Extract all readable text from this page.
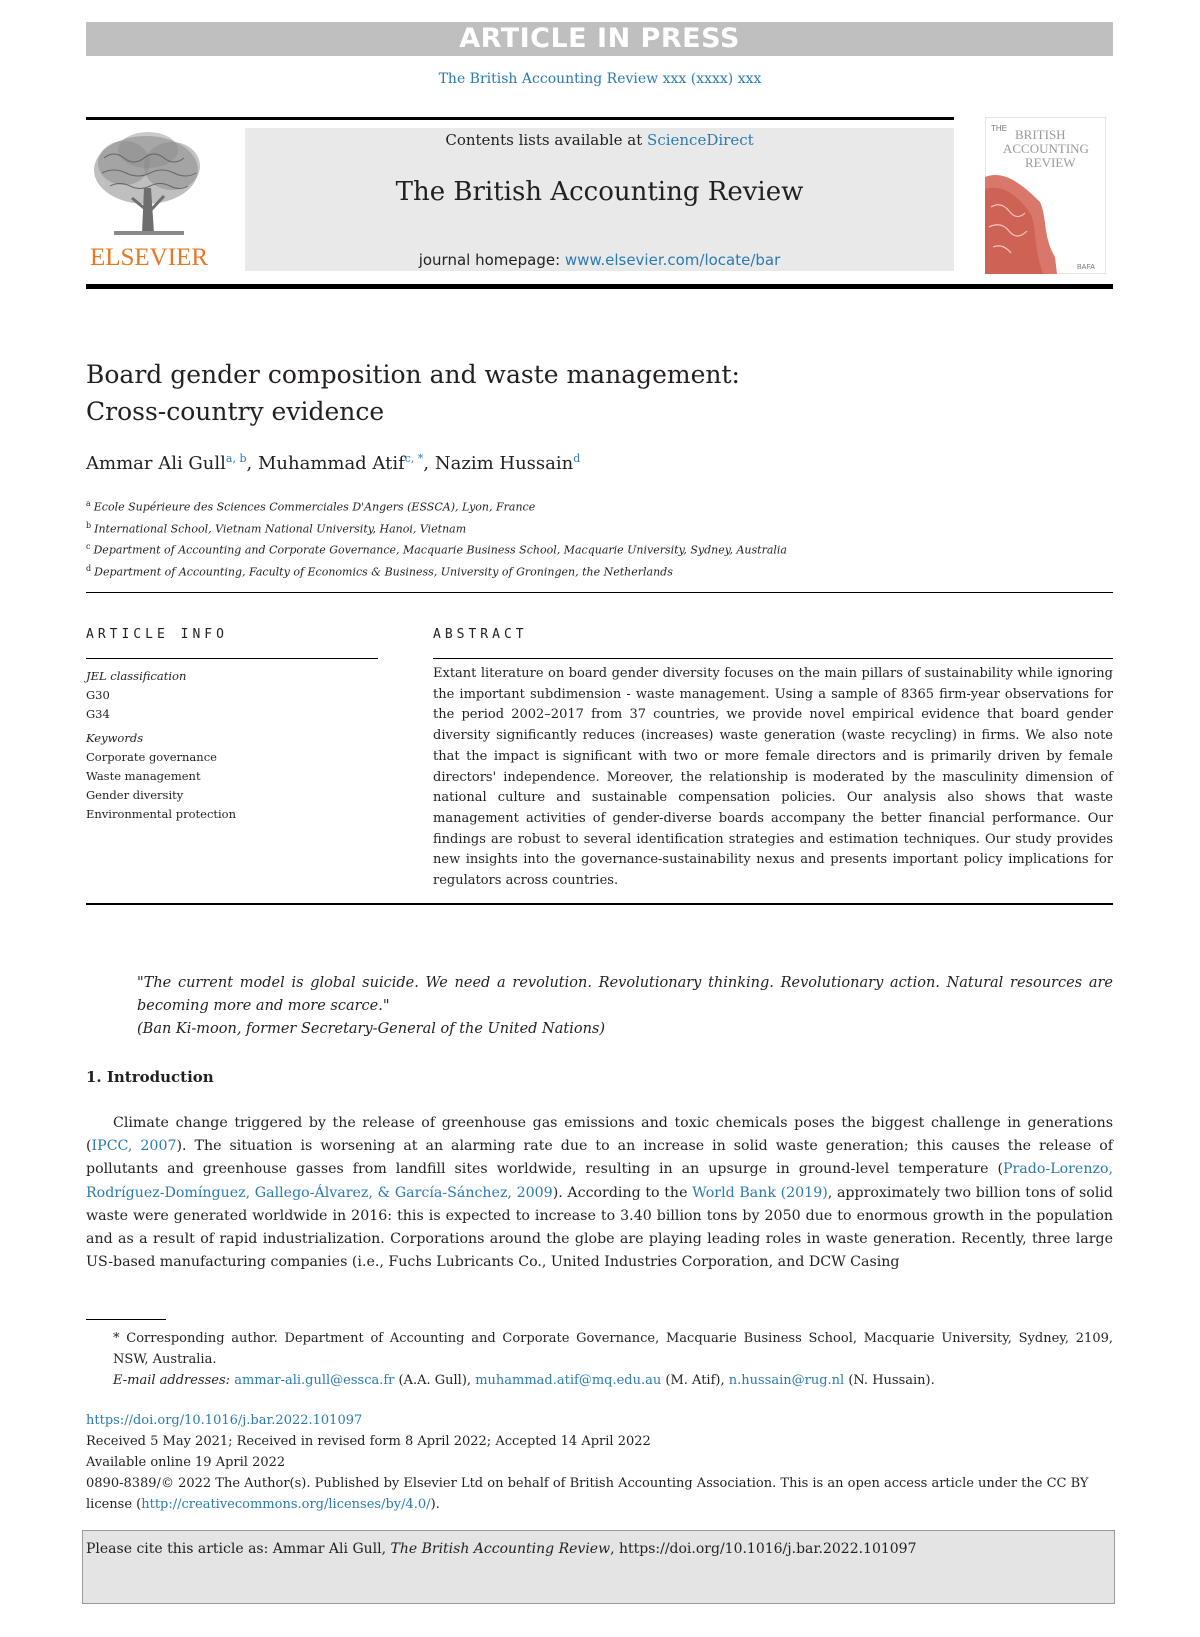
ARTICLE IN PRESS
The British Accounting Review xxx (xxxx) xxx
ELSEVIER
Contents lists available at ScienceDirect
The British Accounting Review
journal homepage: www.elsevier.com/locate/bar
THE BRITISH
ACCOUNTING
REVIEW
BAFA
Board gender composition and waste management:
Cross-country evidence
Ammar Ali Gull$^{a, b}$, Muhammad Atif$^{c, *}$, Nazim Hussain$^d$
$^a$ Ecole Supérieure des Sciences Commerciales D'Angers (ESSCA), Lyon, France
$^b$ International School, Vietnam National University, Hanoi, Vietnam
$^c$ Department of Accounting and Corporate Governance, Macquarie Business School, Macquarie University, Sydney, Australia
$^d$ Department of Accounting, Faculty of Economics & Business, University of Groningen, the Netherlands
ARTICLE INFO
JEL classification
G30
G34
Keywords
Corporate governance
Waste management
Gender diversity
Environmental protection
ABSTRACT
Extant literature on board gender diversity focuses on the main pillars of sustainability while ignoring the important subdimension - waste management. Using a sample of 8365 firm-year observations for the period 2002–2017 from 37 countries, we provide novel empirical evidence that board gender diversity significantly reduces (increases) waste generation (waste recycling) in firms. We also note that the impact is significant with two or more female directors and is primarily driven by female directors' independence. Moreover, the relationship is moderated by the masculinity dimension of national culture and sustainable compensation policies. Our analysis also shows that waste management activities of gender-diverse boards accompany the better financial performance. Our findings are robust to several identification strategies and estimation techniques. Our study provides new insights into the governance-sustainability nexus and presents important policy implications for regulators across countries.
"The current model is global suicide. We need a revolution. Revolutionary thinking. Revolutionary action. Natural resources are becoming more and more scarce."
(Ban Ki-moon, former Secretary-General of the United Nations)
1. Introduction

Climate change triggered by the release of greenhouse gas emissions and toxic chemicals poses the biggest challenge in generations (IPCC, 2007). The situation is worsening at an alarming rate due to an increase in solid waste generation; this causes the release of pollutants and greenhouse gasses from landfill sites worldwide, resulting in an upsurge in ground-level temperature (Prado-Lorenzo, Rodríguez-Domínguez, Gallego-Álvarez, & García-Sánchez, 2009). According to the World Bank (2019), approximately two billion tons of solid waste were generated worldwide in 2016: this is expected to increase to 3.40 billion tons by 2050 due to enormous growth in the population and as a result of rapid industrialization. Corporations around the globe are playing leading roles in waste generation. Recently, three large US-based manufacturing companies (i.e., Fuchs Lubricants Co., United Industries Corporation, and DCW Casing

* Corresponding author. Department of Accounting and Corporate Governance, Macquarie Business School, Macquarie University, Sydney, 2109, NSW, Australia.
E-mail addresses: ammar-ali.gull@essca.fr (A.A. Gull), muhammad.atif@mq.edu.au (M. Atif), n.hussain@rug.nl (N. Hussain).
https://doi.org/10.1016/j.bar.2022.101097
Received 5 May 2021; Received in revised form 8 April 2022; Accepted 14 April 2022
Available online 19 April 2022
0890-8389/© 2022 The Author(s). Published by Elsevier Ltd on behalf of British Accounting Association. This is an open access article under the CC BY license (http://creativecommons.org/licenses/by/4.0/).
Please cite this article as: Ammar Ali Gull, The British Accounting Review, https://doi.org/10.1016/j.bar.2022.101097
